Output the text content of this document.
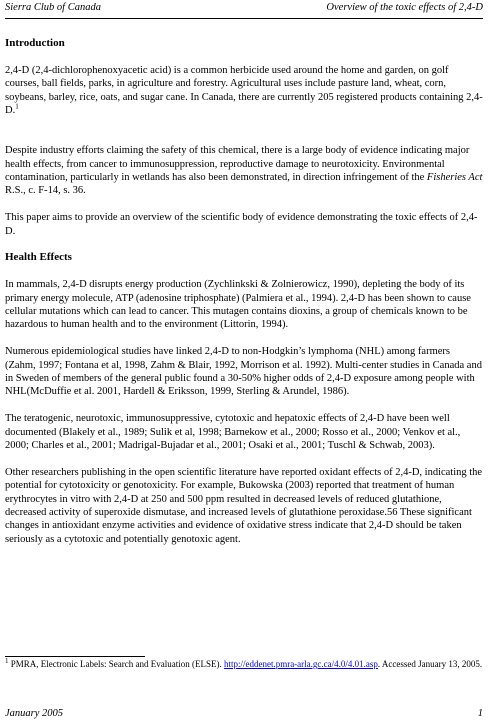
Sierra Club of Canada	Overview of the toxic effects of 2,4-D
Introduction

2,4-D (2,4-dichlorophenoxyacetic acid) is a common herbicide used around the home and garden, on golf courses, ball fields, parks, in agriculture and forestry. Agricultural uses include pasture land, wheat, corn, soybeans, barley, rice, oats, and sugar cane. In Canada, there are currently 205 registered products containing 2,4-D.$^1$

Despite industry efforts claiming the safety of this chemical, there is a large body of evidence indicating major health effects, from cancer to immunosuppression, reproductive damage to neurotoxicity. Environmental contamination, particularly in wetlands has also been demonstrated, in direction infringement of the Fisheries Act R.S., c. F-14, s. 36.

This paper aims to provide an overview of the scientific body of evidence demonstrating the toxic effects of 2,4-D.

Health Effects

In mammals, 2,4-D disrupts energy production (Zychlinkski & Zolnierowicz, 1990), depleting the body of its primary energy molecule, ATP (adenosine triphosphate) (Palmiera et al., 1994). 2,4-D has been shown to cause cellular mutations which can lead to cancer. This mutagen contains dioxins, a group of chemicals known to be hazardous to human health and to the environment (Littorin, 1994).

Numerous epidemiological studies have linked 2,4-D to non-Hodgkin’s lymphoma (NHL) among farmers (Zahm, 1997; Fontana et al, 1998, Zahm & Blair, 1992, Morrison et al. 1992). Multi-center studies in Canada and in Sweden of members of the general public found a 30-50% higher odds of 2,4-D exposure among people with NHL(McDuffie et al. 2001, Hardell & Eriksson, 1999, Sterling & Arundel, 1986).

The teratogenic, neurotoxic, immunosuppressive, cytotoxic and hepatoxic effects of 2,4-D have been well documented (Blakely et al., 1989; Sulik et al, 1998; Barnekow et al., 2000; Rosso et al., 2000; Venkov et al., 2000; Charles et al., 2001; Madrigal-Bujadar et al., 2001; Osaki et al., 2001; Tuschl & Schwab, 2003).

Other researchers publishing in the open scientific literature have reported oxidant effects of 2,4-D, indicating the potential for cytotoxicity or genotoxicity. For example, Bukowska (2003) reported that treatment of human erythrocytes in vitro with 2,4-D at 250 and 500 ppm resulted in decreased levels of reduced glutathione, decreased activity of superoxide dismutase, and increased levels of glutathione peroxidase.56 These significant changes in antioxidant enzyme activities and evidence of oxidative stress indicate that 2,4-D should be taken seriously as a cytotoxic and potentially genotoxic agent.

$^1$ PMRA, Electronic Labels: Search and Evaluation (ELSE). http://eddenet.pmra-arla.gc.ca/4.0/4.01.asp. Accessed January 13, 2005.
January 2005	1
